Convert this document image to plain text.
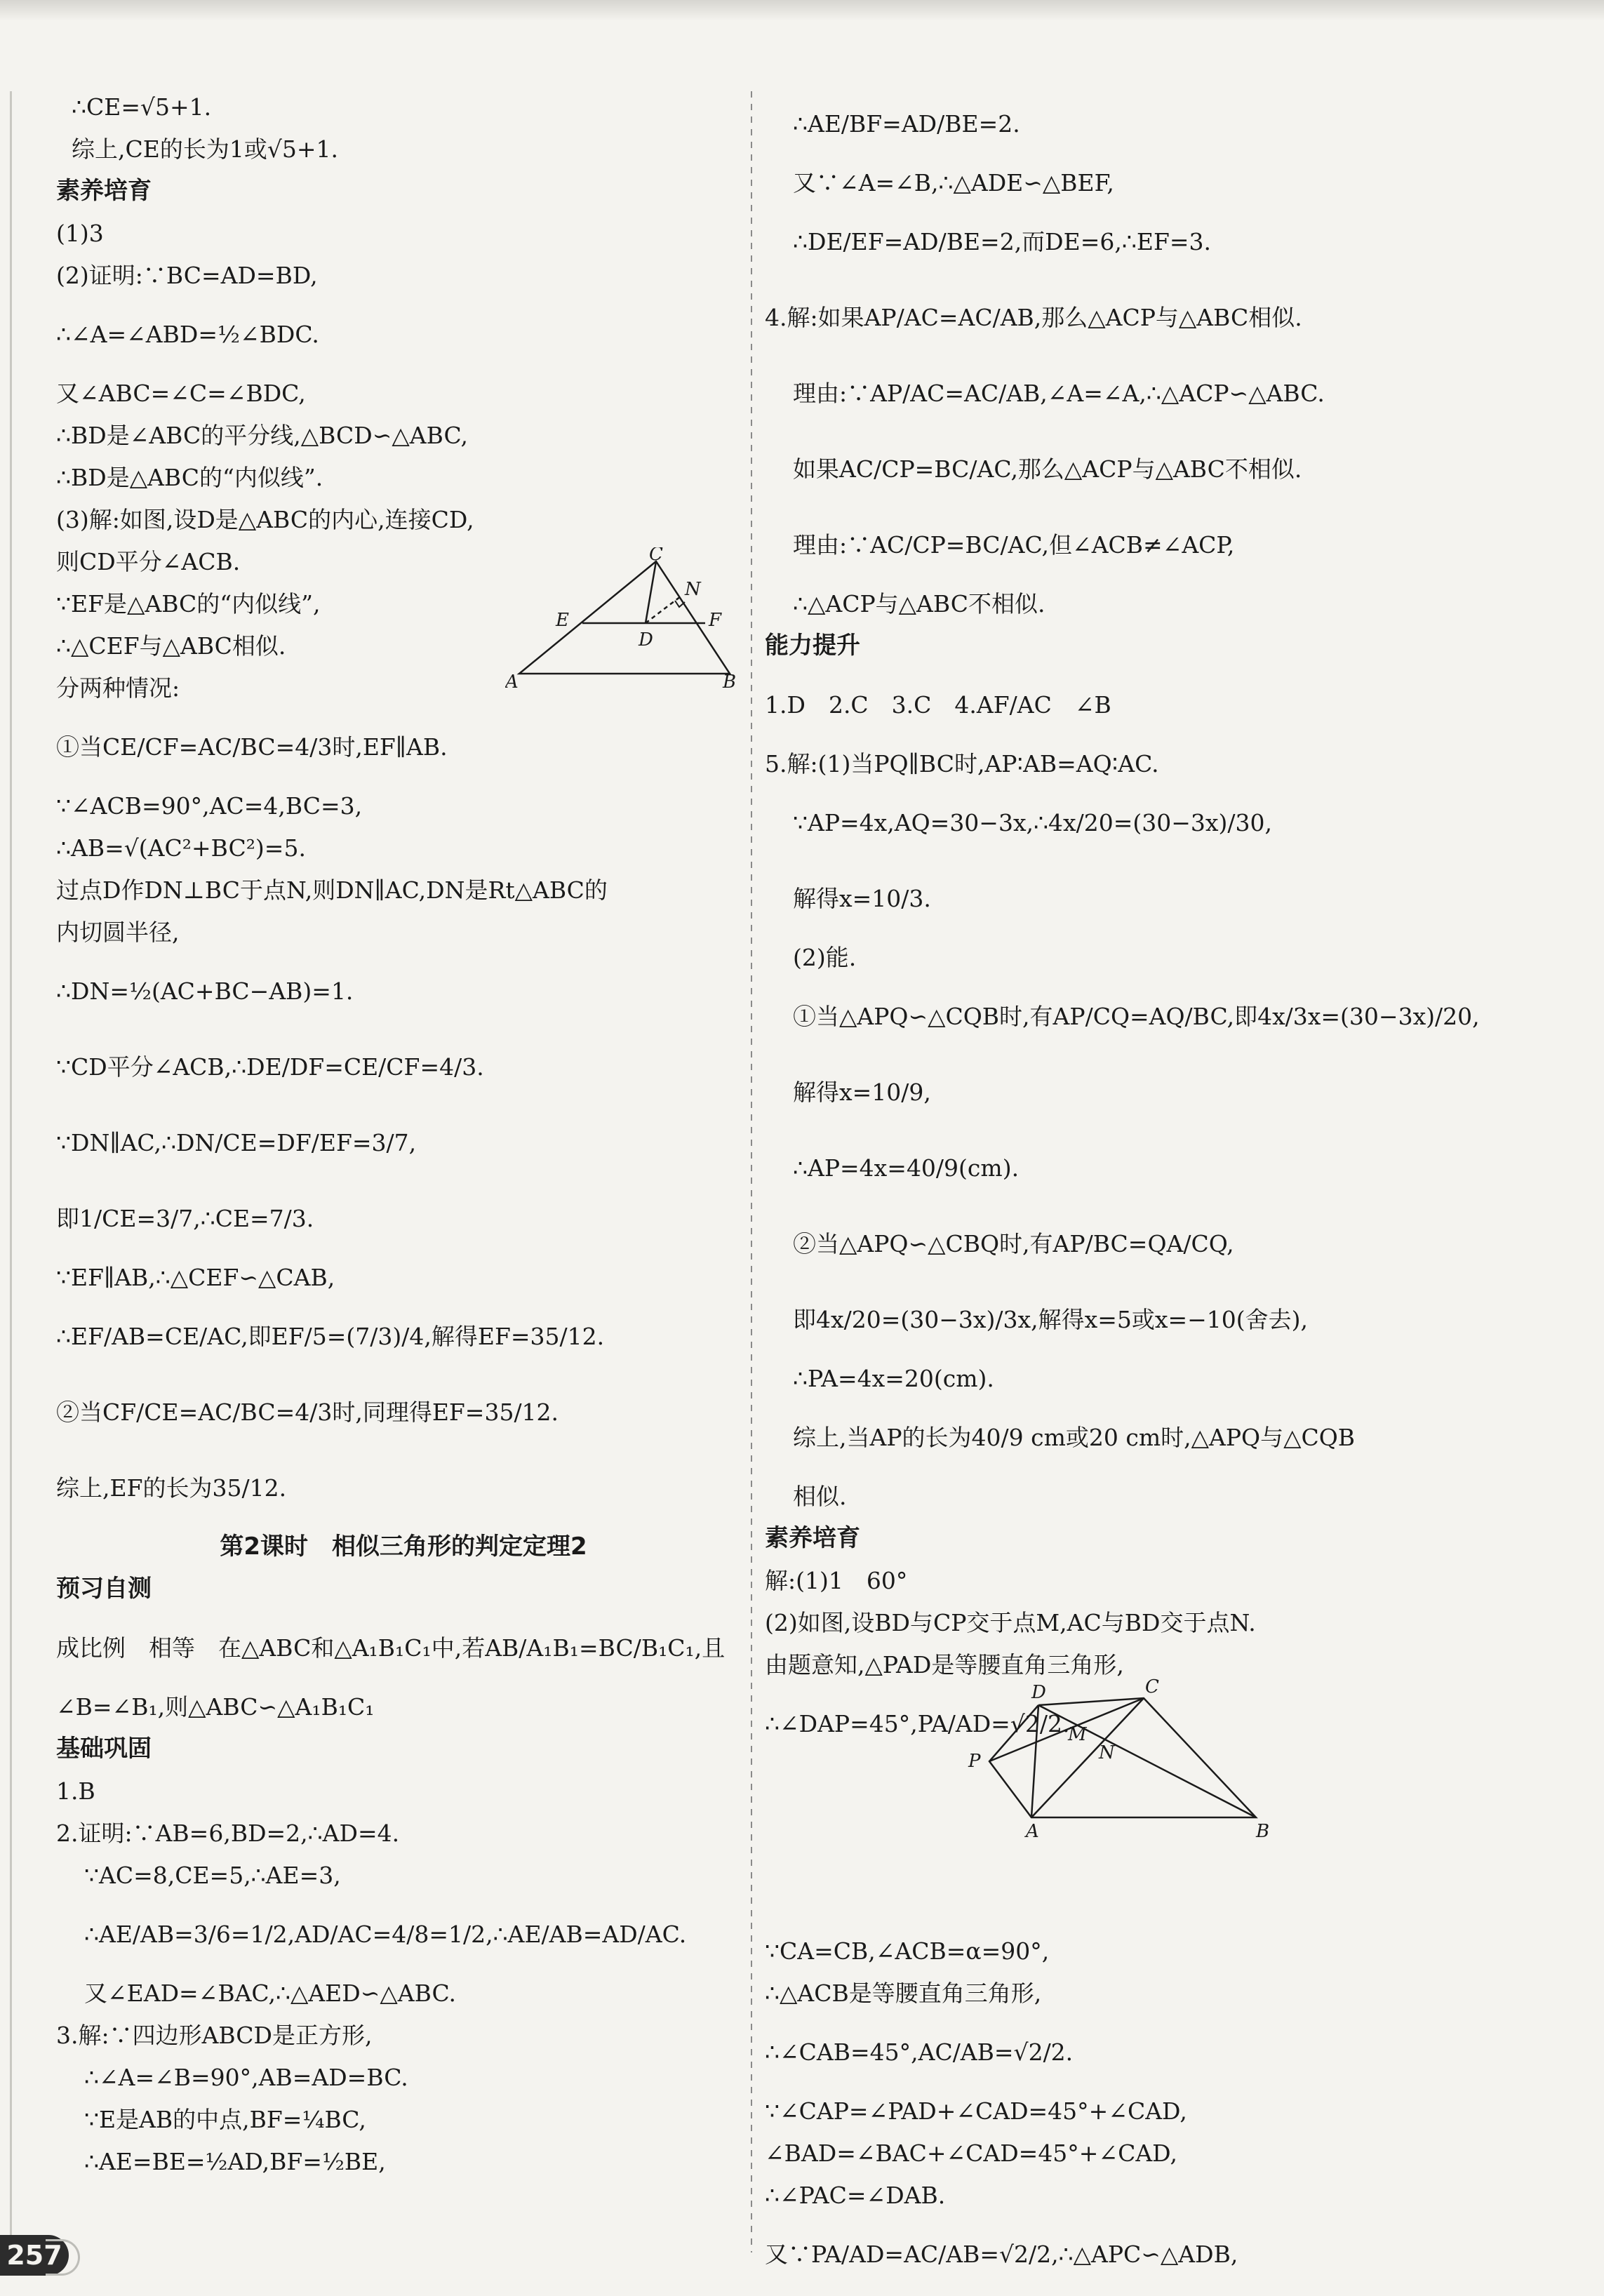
∴CE=√5+1.
综上,CE的长为1或√5+1.
素养培育
(1)3
(2)证明:∵BC=AD=BD,
∴∠A=∠ABD=½∠BDC.
又∠ABC=∠C=∠BDC,
∴BD是∠ABC的平分线,△BCD∽△ABC,
∴BD是△ABC的“内似线”.
(3)解:如图,设D是△ABC的内心,连接CD,
则CD平分∠ACB.
∵EF是△ABC的“内似线”,
∴△CEF与△ABC相似.
分两种情况:
①当CE/CF=AC/BC=4/3时,EF∥AB.
∵∠ACB=90°,AC=4,BC=3,
∴AB=√(AC²+BC²)=5.
过点D作DN⊥BC于点N,则DN∥AC,DN是Rt△ABC的
内切圆半径,
∴DN=½(AC+BC−AB)=1.
∵CD平分∠ACB,∴DE/DF=CE/CF=4/3.
∵DN∥AC,∴DN/CE=DF/EF=3/7,
即1/CE=3/7,∴CE=7/3.
∵EF∥AB,∴△CEF∽△CAB,
∴EF/AB=CE/AC,即EF/5=(7/3)/4,解得EF=35/12.
②当CF/CE=AC/BC=4/3时,同理得EF=35/12.
综上,EF的长为35/12.
第2课时　相似三角形的判定定理2
预习自测
成比例　相等　在△ABC和△A₁B₁C₁中,若AB/A₁B₁=BC/B₁C₁,且
∠B=∠B₁,则△ABC∽△A₁B₁C₁
基础巩固
1.B
2.证明:∵AB=6,BD=2,∴AD=4.
∵AC=8,CE=5,∴AE=3,
∴AE/AB=3/6=1/2,AD/AC=4/8=1/2,∴AE/AB=AD/AC.
又∠EAD=∠BAC,∴△AED∽△ABC.
3.解:∵四边形ABCD是正方形,
∴∠A=∠B=90°,AB=AD=BC.
∵E是AB的中点,BF=¼BC,
∴AE=BE=½AD,BF=½BE,
C
N
E
D
F
A	B
∴AE/BF=AD/BE=2.
又∵∠A=∠B,∴△ADE∽△BEF,
∴DE/EF=AD/BE=2,而DE=6,∴EF=3.
4.解:如果AP/AC=AC/AB,那么△ACP与△ABC相似.
理由:∵AP/AC=AC/AB,∠A=∠A,∴△ACP∽△ABC.
如果AC/CP=BC/AC,那么△ACP与△ABC不相似.
理由:∵AC/CP=BC/AC,但∠ACB≠∠ACP,
∴△ACP与△ABC不相似.
能力提升
1.D　2.C　3.C　4.AF/AC　∠B
5.解:(1)当PQ∥BC时,AP∶AB=AQ∶AC.
∵AP=4x,AQ=30−3x,∴4x/20=(30−3x)/30,
解得x=10/3.
(2)能.
①当△APQ∽△CQB时,有AP/CQ=AQ/BC,即4x/3x=(30−3x)/20,
解得x=10/9,
∴AP=4x=40/9(cm).
②当△APQ∽△CBQ时,有AP/BC=QA/CQ,
即4x/20=(30−3x)/3x,解得x=5或x=−10(舍去),
∴PA=4x=20(cm).
综上,当AP的长为40/9 cm或20 cm时,△APQ与△CQB
相似.
素养培育
解:(1)1　60°
(2)如图,设BD与CP交于点M,AC与BD交于点N.
由题意知,△PAD是等腰直角三角形,
∴∠DAP=45°,PA/AD=√2/2.
∵CA=CB,∠ACB=α=90°,
∴△ACB是等腰直角三角形,
∴∠CAB=45°,AC/AB=√2/2.
∵∠CAP=∠PAD+∠CAD=45°+∠CAD,
∠BAD=∠BAC+∠CAD=45°+∠CAD,
∴∠PAC=∠DAB.
又∵PA/AD=AC/AB=√2/2,∴△APC∽△ADB,
D	C
M
P	N
A	B
257
